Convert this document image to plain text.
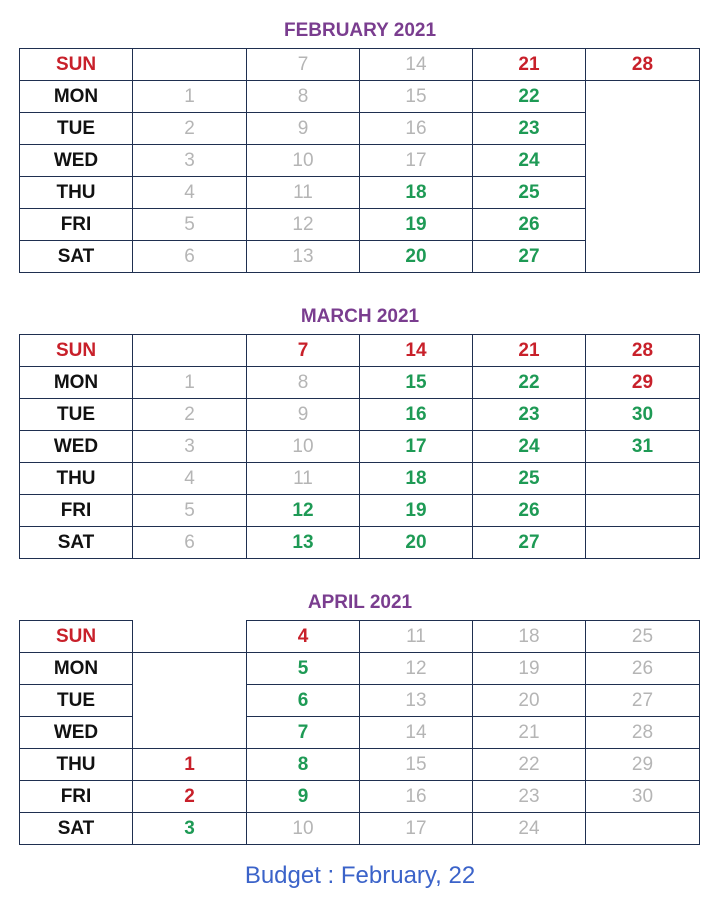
FEBRUARY 2021
SUN
MON
TUE
WED
THU
FRI
SAT
1
2
3
4
5
6
7
8
9
10
11
12
13
14
15
16
17
18
19
20
21
22
23
24
25
26
27
28
MARCH 2021
SUN
MON
TUE
WED
THU
FRI
SAT
1
2
3
4
5
6
7
8
9
10
11
12
13
14
15
16
17
18
19
20
21
22
23
24
25
26
27
28
29
30
31
APRIL 2021
SUN
MON
TUE
WED
THU
FRI
SAT
1
2
3
4
5
6
7
8
9
10
11
12
13
14
15
16
17
18
19
20
21
22
23
24
25
26
27
28
29
30
Budget : February, 22
